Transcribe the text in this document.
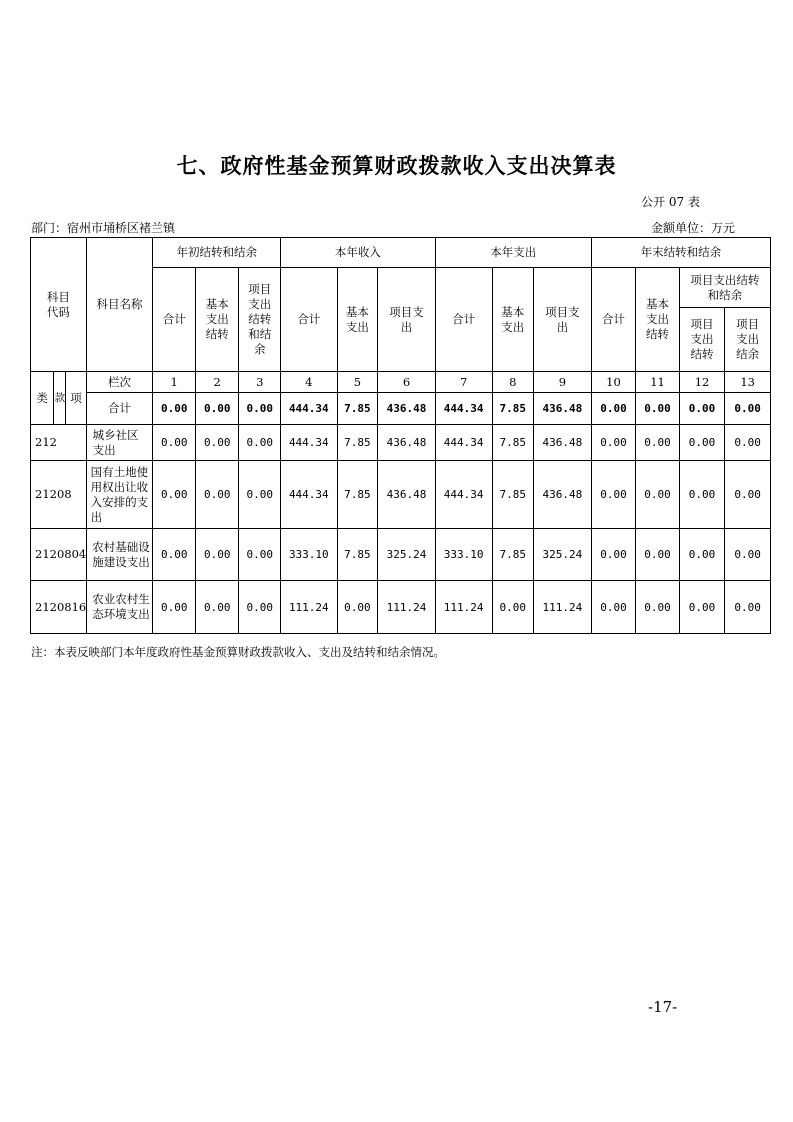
七、政府性基金预算财政拨款收入支出决算表
公开 07 表
部门：宿州市埇桥区褚兰镇	金额单位：万元
科目代码			科目名称	年初结转和结余			本年收入			本年支出			年末结转和结余			
				合计	基本支出结转	项目支出结转和结余	合计	基本支出	项目支出	合计	基本支出	项目支出	合计	基本支出结转	项目支出结转和结余	
															项目支出结转	项目支出结余

类	款	项	栏次	1	2	3	4	5	6	7	8	9	10	11	12	13
			合计	0.00	0.00	0.00	444.34	7.85	436.48	444.34	7.85	436.48	0.00	0.00	0.00	0.00
212			城乡社区支出	0.00	0.00	0.00	444.34	7.85	436.48	444.34	7.85	436.48	0.00	0.00	0.00	0.00
21208			国有土地使用权出让收入安排的支出	0.00	0.00	0.00	444.34	7.85	436.48	444.34	7.85	436.48	0.00	0.00	0.00	0.00
2120804			农村基础设施建设支出	0.00	0.00	0.00	333.10	7.85	325.24	333.10	7.85	325.24	0.00	0.00	0.00	0.00
2120816			农业农村生态环境支出	0.00	0.00	0.00	111.24	0.00	111.24	111.24	0.00	111.24	0.00	0.00	0.00	0.00
注：本表反映部门本年度政府性基金预算财政拨款收入、支出及结转和结余情况。
-17-
